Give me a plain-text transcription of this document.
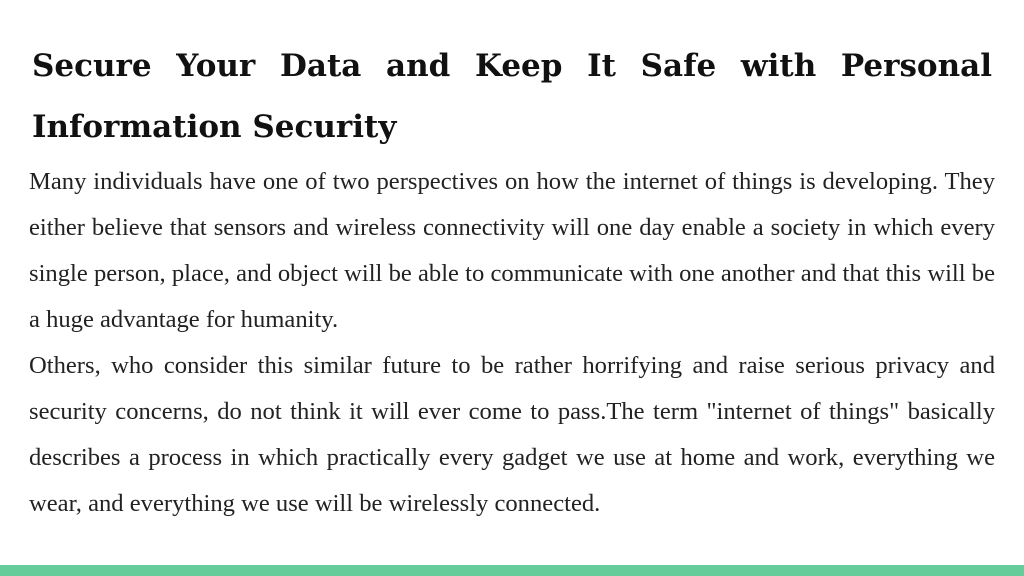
Secure Your Data and Keep It Safe with Personal Information Security

Many individuals have one of two perspectives on how the internet of things is developing. They either believe that sensors and wireless connectivity will one day enable a society in which every single person, place, and object will be able to communicate with one another and that this will be a huge advantage for humanity.

Others, who consider this similar future to be rather horrifying and raise serious privacy and security concerns, do not think it will ever come to pass.The term "internet of things" basically describes a process in which practically every gadget we use at home and work, everything we wear, and everything we use will be wirelessly connected.
